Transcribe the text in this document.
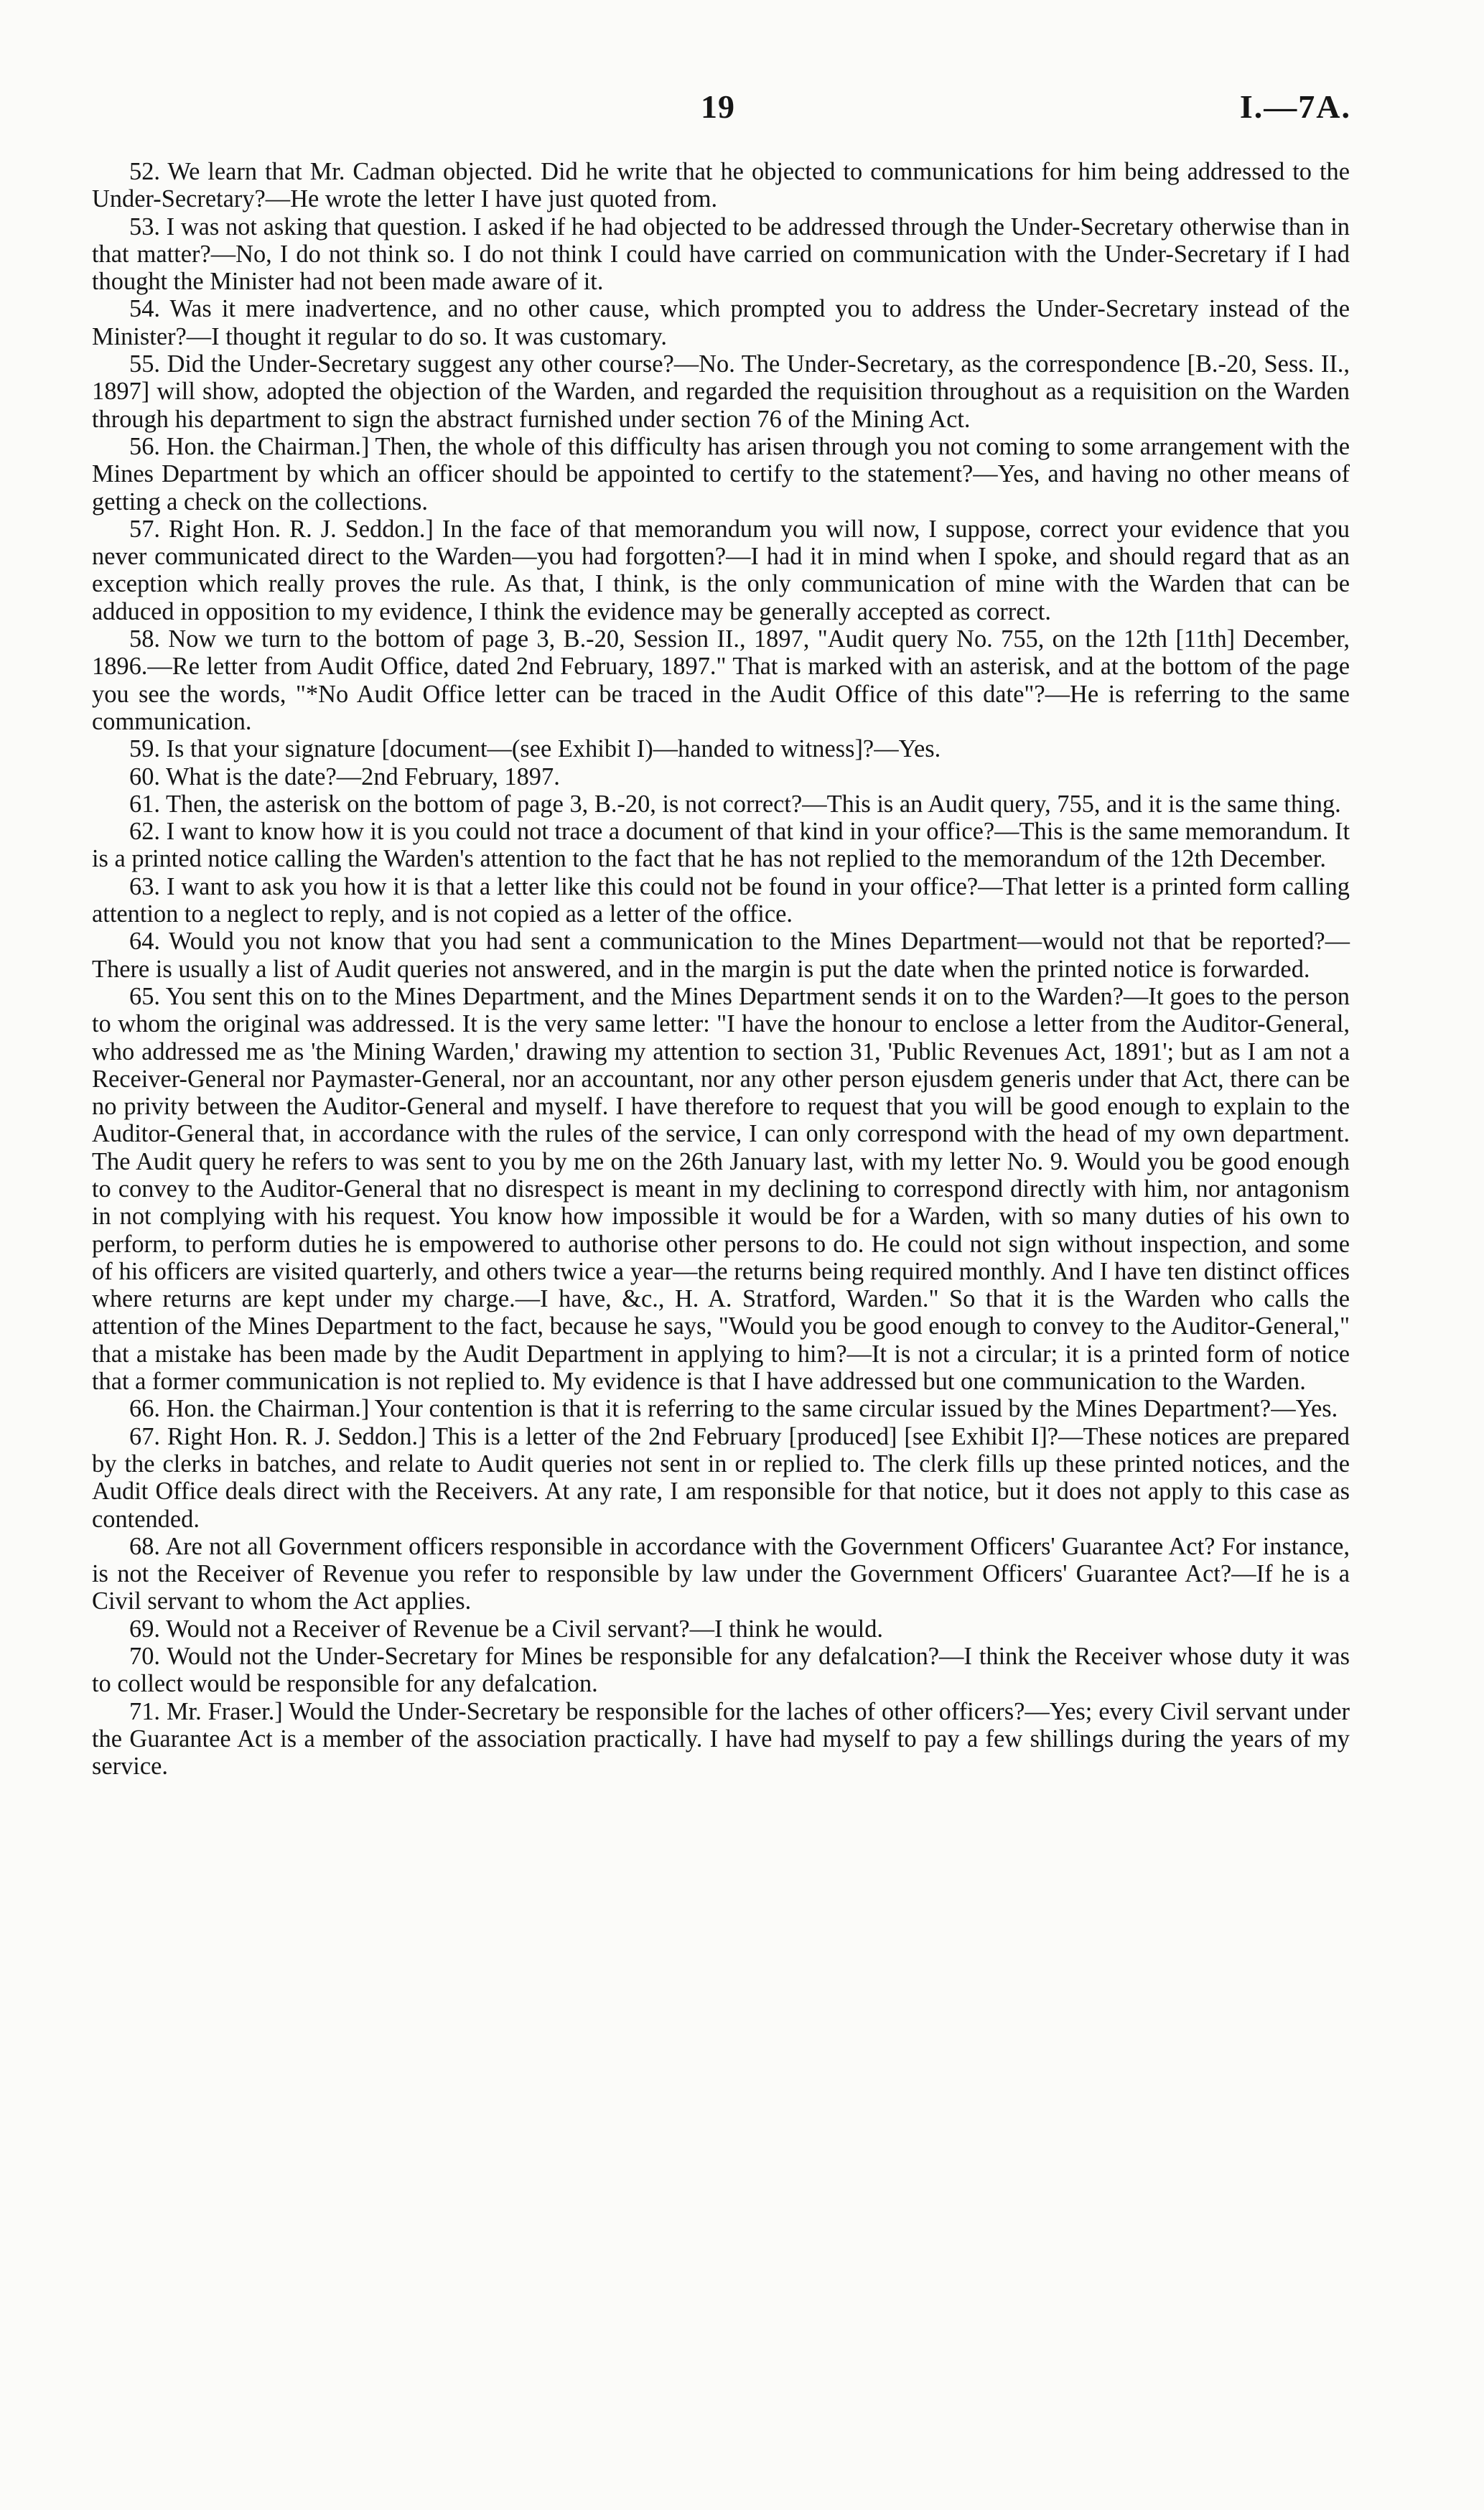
19	I.—7A.

52. We learn that Mr. Cadman objected. Did he write that he objected to communications for him being addressed to the Under-Secretary?—He wrote the letter I have just quoted from.

53. I was not asking that question. I asked if he had objected to be addressed through the Under-Secretary otherwise than in that matter?—No, I do not think so. I do not think I could have carried on communication with the Under-Secretary if I had thought the Minister had not been made aware of it.

54. Was it mere inadvertence, and no other cause, which prompted you to address the Under-Secretary instead of the Minister?—I thought it regular to do so. It was customary.

55. Did the Under-Secretary suggest any other course?—No. The Under-Secretary, as the correspondence [B.-20, Sess. II., 1897] will show, adopted the objection of the Warden, and regarded the requisition throughout as a requisition on the Warden through his department to sign the abstract furnished under section 76 of the Mining Act.

56. Hon. the Chairman.] Then, the whole of this difficulty has arisen through you not coming to some arrangement with the Mines Department by which an officer should be appointed to certify to the statement?—Yes, and having no other means of getting a check on the collections.

57. Right Hon. R. J. Seddon.] In the face of that memorandum you will now, I suppose, correct your evidence that you never communicated direct to the Warden—you had forgotten?—I had it in mind when I spoke, and should regard that as an exception which really proves the rule. As that, I think, is the only communication of mine with the Warden that can be adduced in opposition to my evidence, I think the evidence may be generally accepted as correct.

58. Now we turn to the bottom of page 3, B.-20, Session II., 1897, "Audit query No. 755, on the 12th [11th] December, 1896.—Re letter from Audit Office, dated 2nd February, 1897." That is marked with an asterisk, and at the bottom of the page you see the words, "*No Audit Office letter can be traced in the Audit Office of this date"?—He is referring to the same communication.

59. Is that your signature [document—(see Exhibit I)—handed to witness]?—Yes.

60. What is the date?—2nd February, 1897.

61. Then, the asterisk on the bottom of page 3, B.-20, is not correct?—This is an Audit query, 755, and it is the same thing.

62. I want to know how it is you could not trace a document of that kind in your office?—This is the same memorandum. It is a printed notice calling the Warden's attention to the fact that he has not replied to the memorandum of the 12th December.

63. I want to ask you how it is that a letter like this could not be found in your office?—That letter is a printed form calling attention to a neglect to reply, and is not copied as a letter of the office.

64. Would you not know that you had sent a communication to the Mines Department—would not that be reported?—There is usually a list of Audit queries not answered, and in the margin is put the date when the printed notice is forwarded.

65. You sent this on to the Mines Department, and the Mines Department sends it on to the Warden?—It goes to the person to whom the original was addressed. It is the very same letter: "I have the honour to enclose a letter from the Auditor-General, who addressed me as 'the Mining Warden,' drawing my attention to section 31, 'Public Revenues Act, 1891'; but as I am not a Receiver-General nor Paymaster-General, nor an accountant, nor any other person ejusdem generis under that Act, there can be no privity between the Auditor-General and myself. I have therefore to request that you will be good enough to explain to the Auditor-General that, in accordance with the rules of the service, I can only correspond with the head of my own department. The Audit query he refers to was sent to you by me on the 26th January last, with my letter No. 9. Would you be good enough to convey to the Auditor-General that no disrespect is meant in my declining to correspond directly with him, nor antagonism in not complying with his request. You know how impossible it would be for a Warden, with so many duties of his own to perform, to perform duties he is empowered to authorise other persons to do. He could not sign without inspection, and some of his officers are visited quarterly, and others twice a year—the returns being required monthly. And I have ten distinct offices where returns are kept under my charge.—I have, &c., H. A. Stratford, Warden." So that it is the Warden who calls the attention of the Mines Department to the fact, because he says, "Would you be good enough to convey to the Auditor-General," that a mistake has been made by the Audit Department in applying to him?—It is not a circular; it is a printed form of notice that a former communication is not replied to. My evidence is that I have addressed but one communication to the Warden.

66. Hon. the Chairman.] Your contention is that it is referring to the same circular issued by the Mines Department?—Yes.

67. Right Hon. R. J. Seddon.] This is a letter of the 2nd February [produced] [see Exhibit I]?—These notices are prepared by the clerks in batches, and relate to Audit queries not sent in or replied to. The clerk fills up these printed notices, and the Audit Office deals direct with the Receivers. At any rate, I am responsible for that notice, but it does not apply to this case as contended.

68. Are not all Government officers responsible in accordance with the Government Officers' Guarantee Act? For instance, is not the Receiver of Revenue you refer to responsible by law under the Government Officers' Guarantee Act?—If he is a Civil servant to whom the Act applies.

69. Would not a Receiver of Revenue be a Civil servant?—I think he would.

70. Would not the Under-Secretary for Mines be responsible for any defalcation?—I think the Receiver whose duty it was to collect would be responsible for any defalcation.

71. Mr. Fraser.] Would the Under-Secretary be responsible for the laches of other officers?—Yes; every Civil servant under the Guarantee Act is a member of the association practically. I have had myself to pay a few shillings during the years of my service.
